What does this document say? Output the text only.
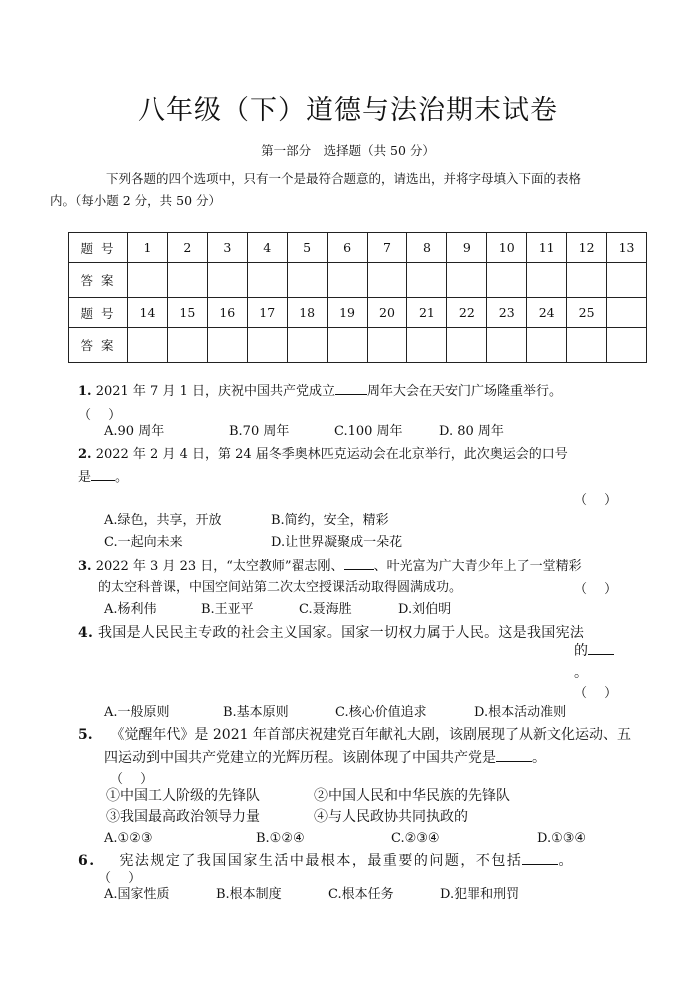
八年级（下）道德与法治期末试卷
第一部分　选择题（共 50 分）
下列各题的四个选项中，只有一个是最符合题意的，请选出，并将字母填入下面的表格
内。（每小题 2 分，共 50 分）
题号	1	2	3	4	5	6	7	8	9	10	11	12	13
答案													
题号	14	15	16	17	18	19	20	21	22	23	24	25	
答案													
1. 2021 年 7 月 1 日，庆祝中国共产党成立 周年大会在天安门广场隆重举行。
（　 ）
A.90 周年	B.70 周年	C.100 周年	D. 80 周年
2. 2022 年 2 月 4 日，第 24 届冬季奥林匹克运动会在北京举行，此次奥运会的口号
是 。
（　 ）
A.绿色，共享，开放	B.简约，安全，精彩
C.一起向未来	D.让世界凝聚成一朵花
3. 2022 年 3 月 23 日，“太空教师”翟志刚、 、叶光富为广大青少年上了一堂精彩
的太空科普课，中国空间站第二次太空授课活动取得圆满成功。	（　 ）
A.杨利伟	B.王亚平	C.聂海胜	D.刘伯明
4. 我国是人民民主专政的社会主义国家。国家一切权力属于人民。这是我国宪法
的
。
（　 ）
A.一般原则	B.基本原则	C.核心价值追求	D.根本活动准则
5. 《觉醒年代》是 2021 年首部庆祝建党百年献礼大剧，该剧展现了从新文化运动、五
四运动到中国共产党建立的光辉历程。该剧体现了中国共产党是	。
（　 ）
①中国工人阶级的先锋队	②中国人民和中华民族的先锋队
③我国最高政治领导力量	④与人民政协共同执政的
A.①②③	B.①②④	C.②③④	D.①③④
6. 宪法规定了我国国家生活中最根本，最重要的问题，不包括	。
（　 ）
A.国家性质	B.根本制度	C.根本任务	D.犯罪和刑罚
